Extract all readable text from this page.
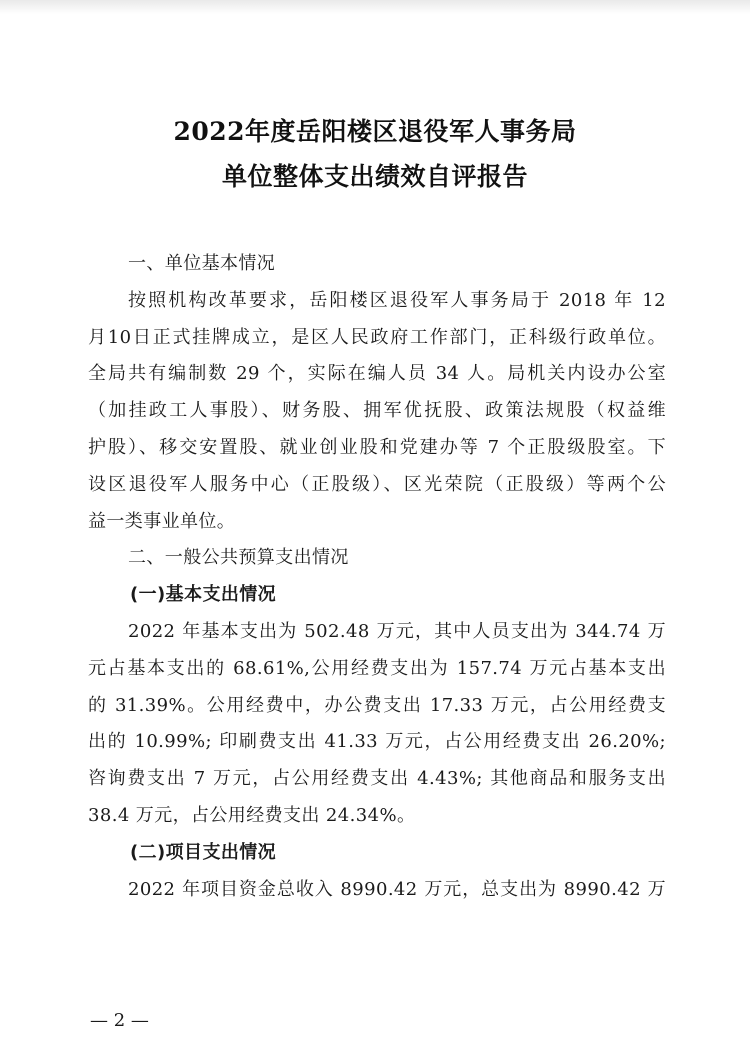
2022年度岳阳楼区退役军人事务局
单位整体支出绩效自评报告
一、单位基本情况
按照机构改革要求，岳阳楼区退役军人事务局于 2018 年 12
月10日正式挂牌成立，是区人民政府工作部门，正科级行政单位。
全局共有编制数 29 个，实际在编人员 34 人。局机关内设办公室
（加挂政工人事股）、财务股、拥军优抚股、政策法规股（权益维
护股）、移交安置股、就业创业股和党建办等 7 个正股级股室。下
设区退役军人服务中心（正股级）、区光荣院（正股级）等两个公
益一类事业单位。
二、一般公共预算支出情况
(一)基本支出情况
2022 年基本支出为 502.48 万元，其中人员支出为 344.74 万
元占基本支出的 68.61%,公用经费支出为 157.74 万元占基本支出
的 31.39%。公用经费中，办公费支出 17.33 万元，占公用经费支
出的 10.99%; 印刷费支出 41.33 万元，占公用经费支出 26.20%;
咨询费支出 7 万元，占公用经费支出 4.43%; 其他商品和服务支出
38.4 万元，占公用经费支出 24.34%。
(二)项目支出情况
2022 年项目资金总收入 8990.42 万元，总支出为 8990.42 万
— 2 —
